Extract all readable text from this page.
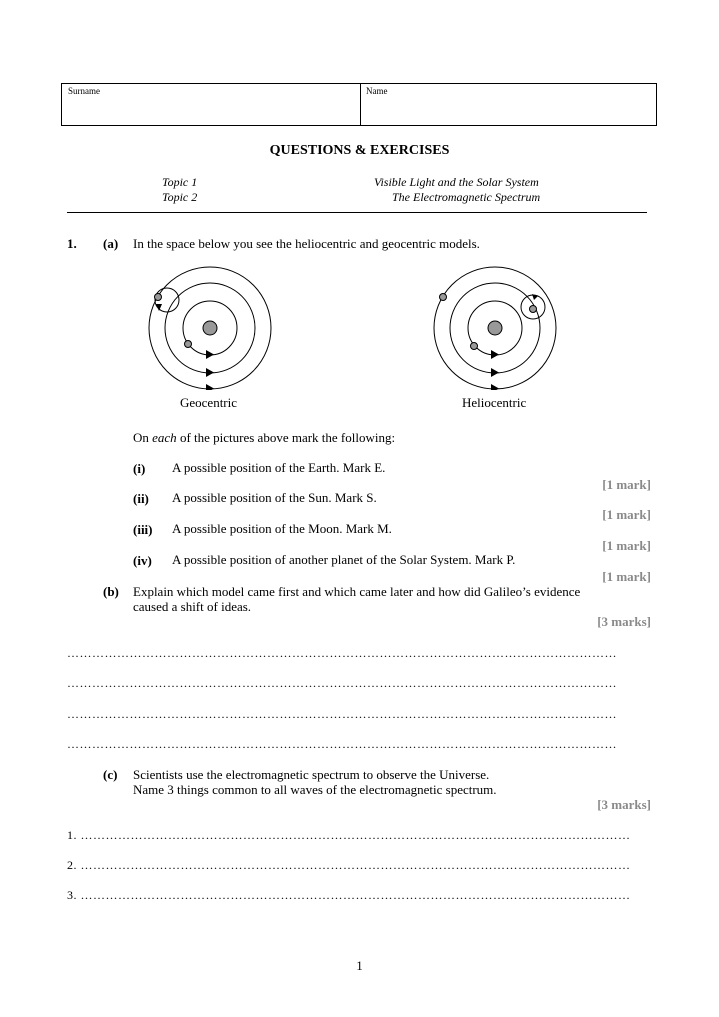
Surname	Name
QUESTIONS & EXERCISES
Topic 1	Visible Light and the Solar System
Topic 2	The Electromagnetic Spectrum
1. (a) In the space below you see the heliocentric and geocentric models.
Geocentric	Heliocentric
On each of the pictures above mark the following:
(i) A possible position of the Earth. Mark E.
[1 mark]
(ii) A possible position of the Sun. Mark S.
[1 mark]
(iii) A possible position of the Moon. Mark M.
[1 mark]
(iv) A possible position of another planet of the Solar System. Mark P.
[1 mark]
(b) Explain which model came first and which came later and how did Galileo’s evidence
caused a shift of ideas.
[3 marks]
……………………………………………………………………………………………………………………
……………………………………………………………………………………………………………………
……………………………………………………………………………………………………………………
……………………………………………………………………………………………………………………
(c) Scientists use the electromagnetic spectrum to observe the Universe.
Name 3 things common to all waves of the electromagnetic spectrum.
[3 marks]
1. ……………………………………………………………………………………………………………………
2. ……………………………………………………………………………………………………………………
3. ……………………………………………………………………………………………………………………
1
